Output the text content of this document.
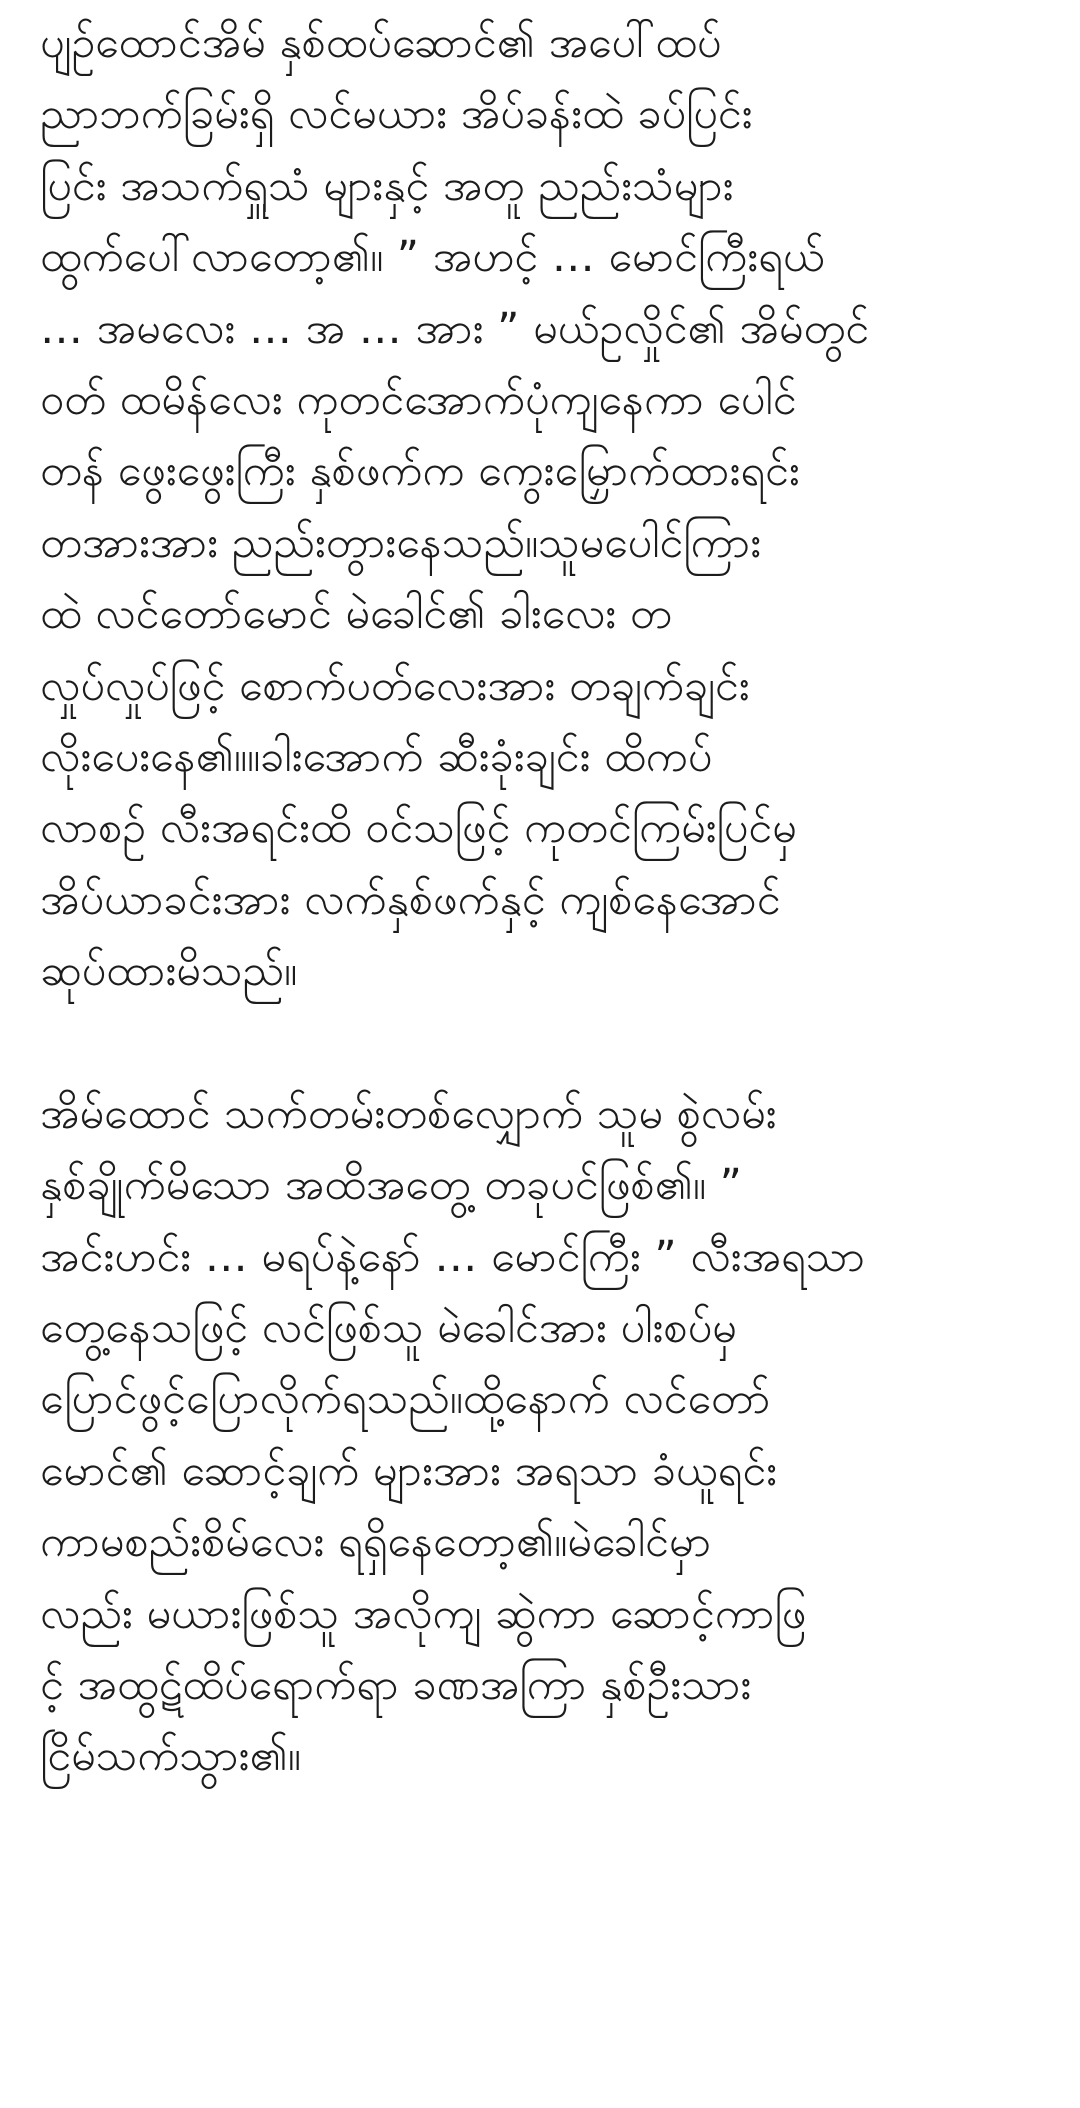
ပျဉ်ထောင်အိမ် နှစ်ထပ်ဆောင်၏ အပေါ်ထပ်
ညာဘက်ခြမ်းရှိ လင်မယား အိပ်ခန်းထဲ ခပ်ပြင်း
ပြင်း အသက်ရှူသံ များနှင့် အတူ ညည်းသံများ
ထွက်ပေါ်လာတော့၏။ ” အဟင့် … မောင်ကြီးရယ်
… အမလေး … အ … အား ” မယ်ဥလှိုင်၏ အိမ်တွင်
ဝတ် ထမိန်လေး ကုတင်အောက်ပုံကျနေကာ ပေါင်
တန် ဖွေးဖွေးကြီး နှစ်ဖက်က ကွေးမြှောက်ထားရင်း
တအားအား ညည်းတွားနေသည်။သူမပေါင်ကြား
ထဲ လင်တော်မောင် မဲခေါင်၏ ခါးလေး တ
လှုပ်လှုပ်ဖြင့် စောက်ပတ်လေးအား တချက်ချင်း
လိုးပေးနေ၏။။ခါးအောက် ဆီးခုံးချင်း ထိကပ်
လာစဉ် လီးအရင်းထိ ဝင်သဖြင့် ကုတင်ကြမ်းပြင်မှ
အိပ်ယာခင်းအား လက်နှစ်ဖက်နှင့် ကျစ်နေအောင်
ဆုပ်ထားမိသည်။
အိမ်ထောင် သက်တမ်းတစ်လျှောက် သူမ စွဲလမ်း
နှစ်ချိုက်မိသော အထိအတွေ့ တခုပင်ဖြစ်၏။ ”
အင်းဟင်း … မရပ်နဲ့နော် … မောင်ကြီး ” လီးအရသာ
တွေ့နေသဖြင့် လင်ဖြစ်သူ မဲခေါင်အား ပါးစပ်မှ
ပြောင်ဖွင့်ပြောလိုက်ရသည်။ထို့နောက် လင်တော်
မောင်၏ ဆောင့်ချက် များအား အရသာ ခံယူရင်း
ကာမစည်းစိမ်လေး ရရှိနေတော့၏။မဲခေါင်မှာ
လည်း မယားဖြစ်သူ အလိုကျ ဆွဲကာ ဆောင့်ကာဖြ
င့် အထွဋ်ထိပ်ရောက်ရာ ခဏအကြာ နှစ်ဦးသား
ငြိမ်သက်သွား၏။
